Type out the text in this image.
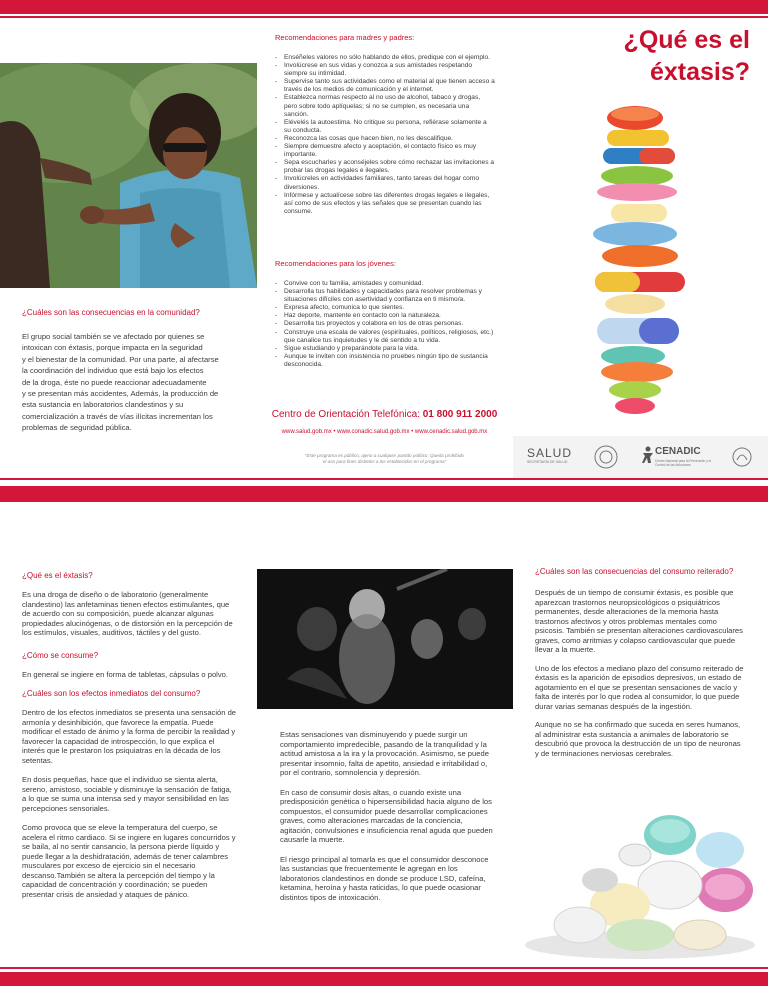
Recomendaciones para madres y padres:
- Enséñeles valores no sólo hablando de ellos, predique con el ejemplo.
- Involúcrese en sus vidas y conozca a sus amistades respetando siempre su intimidad.
- Supervise tanto sus actividades como el material al que tienen acceso a través de los medios de comunicación y el internet.
- Establezca normas respecto al no uso de alcohol, tabaco y drogas, pero sobre todo aplíquelas; si no se cumplen, es necesaria una sanción.
- Elévelés la autoestima. No critique su persona, refiérase solamente a su conducta.
- Reconozca las cosas que hacen bien, no les descalifique.
- Siempre demuestre afecto y aceptación, el contacto físico es muy importante.
- Sepa escucharles y aconséjeles sobre cómo rechazar las invitaciones a probar las drogas legales e ilegales.
- Involúcreles en actividades familiares, tanto tareas del hogar como diversiones.
- Infórmese y actualícese sobre las diferentes drogas legales e ilegales, así como de sus efectos y las señales que se presentan cuando las consume.
Recomendaciones para los jóvenes:
- Convive con tu familia, amistades y comunidad.
- Desarrolla tus habilidades y capacidades para resolver problemas y situaciones difíciles con asertividad y confianza en ti mismo/a.
- Expresa afecto, comunica lo que sientes.
- Haz deporte, mantente en contacto con la naturaleza.
- Desarrolla tus proyectos y colabora en los de otras personas.
- Construye una escala de valores (espirituales, políticos, religiosos, etc.) que canalice tus inquietudes y le dé sentido a tu vida.
- Sigue estudiando y preparándote para la vida.
- Aunque te inviten con insistencia no pruebes ningún tipo de sustancia desconocida.
Centro de Orientación Telefónica: 01 800 911 2000
www.salud.gob.mx • www.conadic.salud.gob.mx • www.cenadic.salud.gob.mx
"Este programa es público, ajeno a cualquier partido político. Queda prohibido el uso para fines distintos a los establecidos en el programa"
¿Cuáles son las consecuencias en la comunidad?
El grupo social también se ve afectado por quienes se
intoxican con éxtasis, porque impacta en la seguridad
y el bienestar de la comunidad. Por una parte, al afectarse
la coordinación del individuo que está bajo los efectos
de la droga, éste no puede reaccionar adecuadamente
y se presentan más accidentes, Además, la producción de
esta sustancia en laboratorios clandestinos y su
comercialización a través de vías ilícitas incrementan los
problemas de seguridad pública.
¿Qué es el
éxtasis?
SALUD
SECRETARÍA DE SALUD
CENADIC
Centro Nacional para la Prevención y el Control de las Adicciones
¿Qué es el éxtasis?

Es una droga de diseño o de laboratorio (generalmente clandestino) las anfetaminas tienen efectos estimulantes, que de acuerdo con su composición, puede alcanzar algunas propiedades alucinógenas, o de distorsión en la percepción de los estímulos, visuales, auditivos, táctiles y del gusto.

¿Cómo se consume?

En general se ingiere en forma de tabletas, cápsulas o polvo.

¿Cuáles son los efectos inmediatos del consumo?

Dentro de los efectos inmediatos se presenta una sensación de armonía y desinhibición, que favorece la empatía. Puede modificar el estado de ánimo y la forma de percibir la realidad y favorecer la capacidad de introspección, lo que explica el interés que le prestaron los psiquiatras en la década de los setentas.

En dosis pequeñas, hace que el individuo se sienta alerta, sereno, amistoso, sociable y disminuye la sensación de fatiga, a lo que se suma una intensa sed y mayor sensibilidad en las percepciones sensoriales.

Como provoca que se eleve la temperatura del cuerpo, se acelera el ritmo cardiaco. Si se ingiere en lugares concurridos y se baila, al no sentir cansancio, la persona pierde líquido y puede llegar a la deshidratación, además de tener calambres musculares por exceso de ejercicio sin el necesario descanso.También se altera la percepción del tiempo y la capacidad de concentración y coordinación; se pueden presentar crisis de ansiedad y ataques de pánico.

Estas sensaciones van disminuyendo y puede surgir un comportamiento impredecible, pasando de la tranquilidad y la actitud amistosa a la ira y la provocación. Asimismo, se puede presentar insomnio, falta de apetito, ansiedad e irritabilidad o, por el contrario, somnolencia y depresión.

En caso de consumir dosis altas, o cuando existe una predisposición genética o hipersensibilidad hacia alguno de los compuestos, el consumidor puede desarrollar complicaciones graves, como alteraciones marcadas de la conciencia, agitación, convulsiones e insuficiencia renal aguda que pueden causarle la muerte.

El riesgo principal al tomarla es que el consumidor desconoce las sustancias que frecuentemente le agregan en los laboratorios clandestinos en donde se produce LSD, cafeína, ketamina, heroína y hasta raticidas, lo que puede ocasionar distintos tipos de intoxicación.

¿Cuáles son las consecuencias del consumo reiterado?

Después de un tiempo de consumir éxtasis, es posible que aparezcan trastornos neuropsicológicos o psiquiátricos permanentes, desde alteraciones de la memoria hasta trastornos afectivos y otros problemas mentales como psicosis. También se presentan alteraciones cardiovasculares graves, como arritmias y colapso cardiovascular que puede llevar a la muerte.

Uno de los efectos a mediano plazo del consumo reiterado de éxtasis es la aparición de episodios depresivos, un estado de agotamiento en el que se presentan sensaciones de vacío y falta de interés por lo que rodea al consumidor, lo que puede durar varias semanas después de la ingestión.

Aunque no se ha confirmado que suceda en seres humanos, al administrar esta sustancia a animales de laboratorio se descubrió que provoca la destrucción de un tipo de neuronas y de terminaciones nerviosas cerebrales.
